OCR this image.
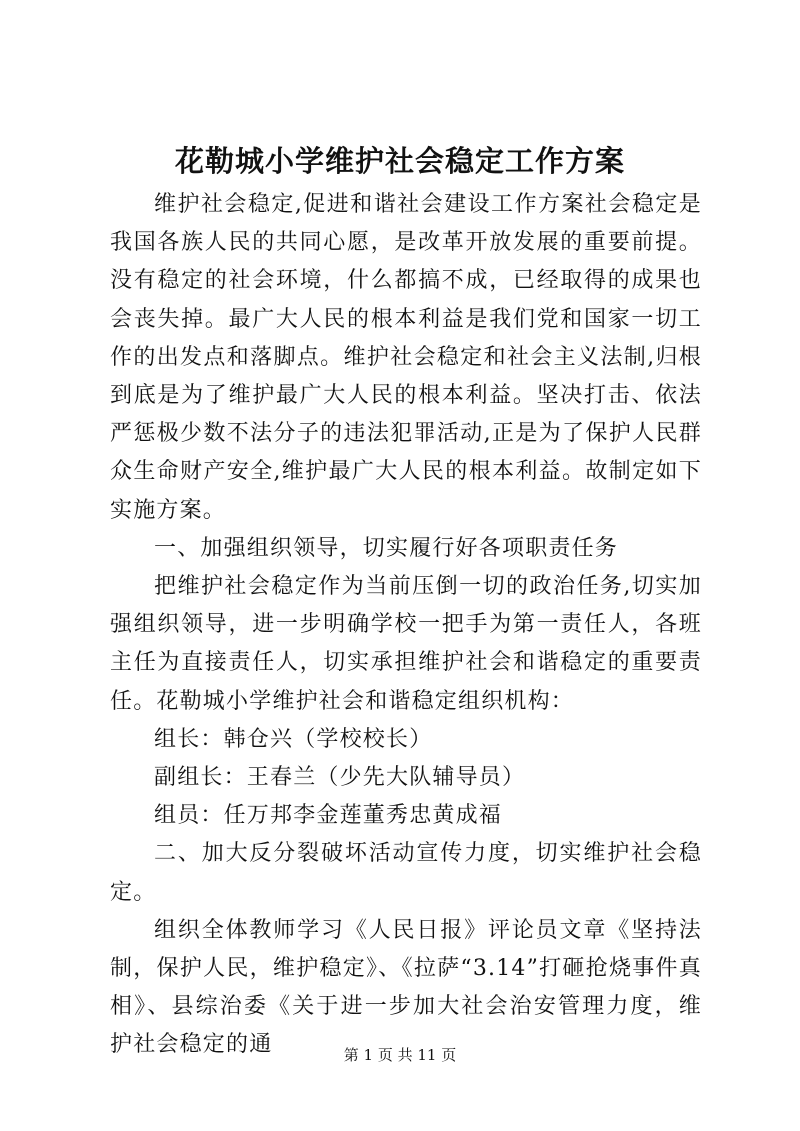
花勒城小学维护社会稳定工作方案

维护社会稳定,促进和谐社会建设工作方案社会稳定是我国各族人民的共同心愿，是改革开放发展的重要前提。没有稳定的社会环境，什么都搞不成，已经取得的成果也会丧失掉。最广大人民的根本利益是我们党和国家一切工作的出发点和落脚点。维护社会稳定和社会主义法制,归根到底是为了维护最广大人民的根本利益。坚决打击、依法严惩极少数不法分子的违法犯罪活动,正是为了保护人民群众生命财产安全,维护最广大人民的根本利益。故制定如下实施方案。

一、加强组织领导，切实履行好各项职责任务

把维护社会稳定作为当前压倒一切的政治任务,切实加强组织领导，进一步明确学校一把手为第一责任人，各班主任为直接责任人，切实承担维护社会和谐稳定的重要责任。花勒城小学维护社会和谐稳定组织机构：

组长：韩仓兴（学校校长）

副组长：王春兰（少先大队辅导员）

组员：任万邦李金莲董秀忠黄成福

二、加大反分裂破坏活动宣传力度，切实维护社会稳定。

组织全体教师学习《人民日报》评论员文章《坚持法制，保护人民，维护稳定》、《拉萨“3.14”打砸抢烧事件真相》、县综治委《关于进一步加大社会治安管理力度，维护社会稳定的通	第 1 页 共 11 页
